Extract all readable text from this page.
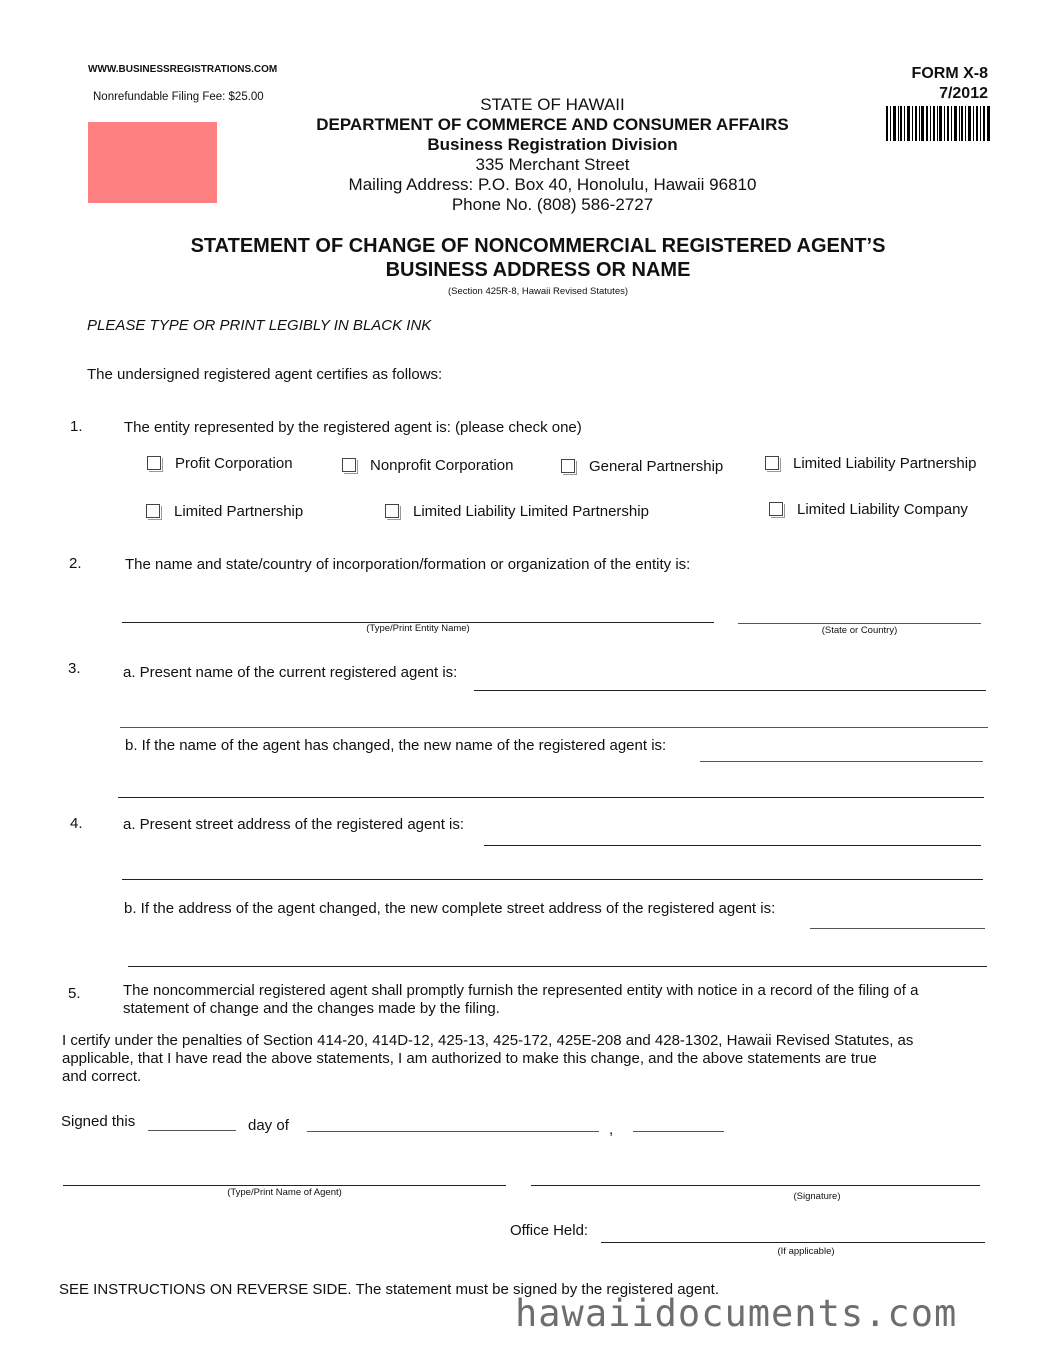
WWW.BUSINESSREGISTRATIONS.COM
Nonrefundable Filing Fee: $25.00
FORM X-8
7/2012
STATE OF HAWAII
DEPARTMENT OF COMMERCE AND CONSUMER AFFAIRS
Business Registration Division
335 Merchant Street
Mailing Address: P.O. Box 40, Honolulu, Hawaii 96810
Phone No. (808) 586-2727
STATEMENT OF CHANGE OF NONCOMMERCIAL REGISTERED AGENT’S
BUSINESS ADDRESS OR NAME
(Section 425R-8, Hawaii Revised Statutes)
PLEASE TYPE OR PRINT LEGIBLY IN BLACK INK
The undersigned registered agent certifies as follows:
1.	The entity represented by the registered agent is: (please check one)
Profit Corporation	Nonprofit Corporation	General Partnership	Limited Liability Partnership
Limited Partnership	Limited Liability Limited Partnership	Limited Liability Company
2.	The name and state/country of incorporation/formation or organization of the entity is:
(Type/Print Entity Name)	(State or Country)
3.	a. Present name of the current registered agent is:
b. If the name of the agent has changed, the new name of the registered agent is:
4.	a. Present street address of the registered agent is:
b. If the address of the agent changed, the new complete street address of the registered agent is:
5.	The noncommercial registered agent shall promptly furnish the represented entity with notice in a record of the filing of a
statement of change and the changes made by the filing.
I certify under the penalties of Section 414-20, 414D-12, 425-13, 425-172, 425E-208 and 428-1302, Hawaii Revised Statutes, as
applicable, that I have read the above statements, I am authorized to make this change, and the above statements are true
and correct.
Signed this	day of	,
(Type/Print Name of Agent)	(Signature)
Office Held:
(If applicable)
SEE INSTRUCTIONS ON REVERSE SIDE. The statement must be signed by the registered agent.
hawaiidocuments.com
